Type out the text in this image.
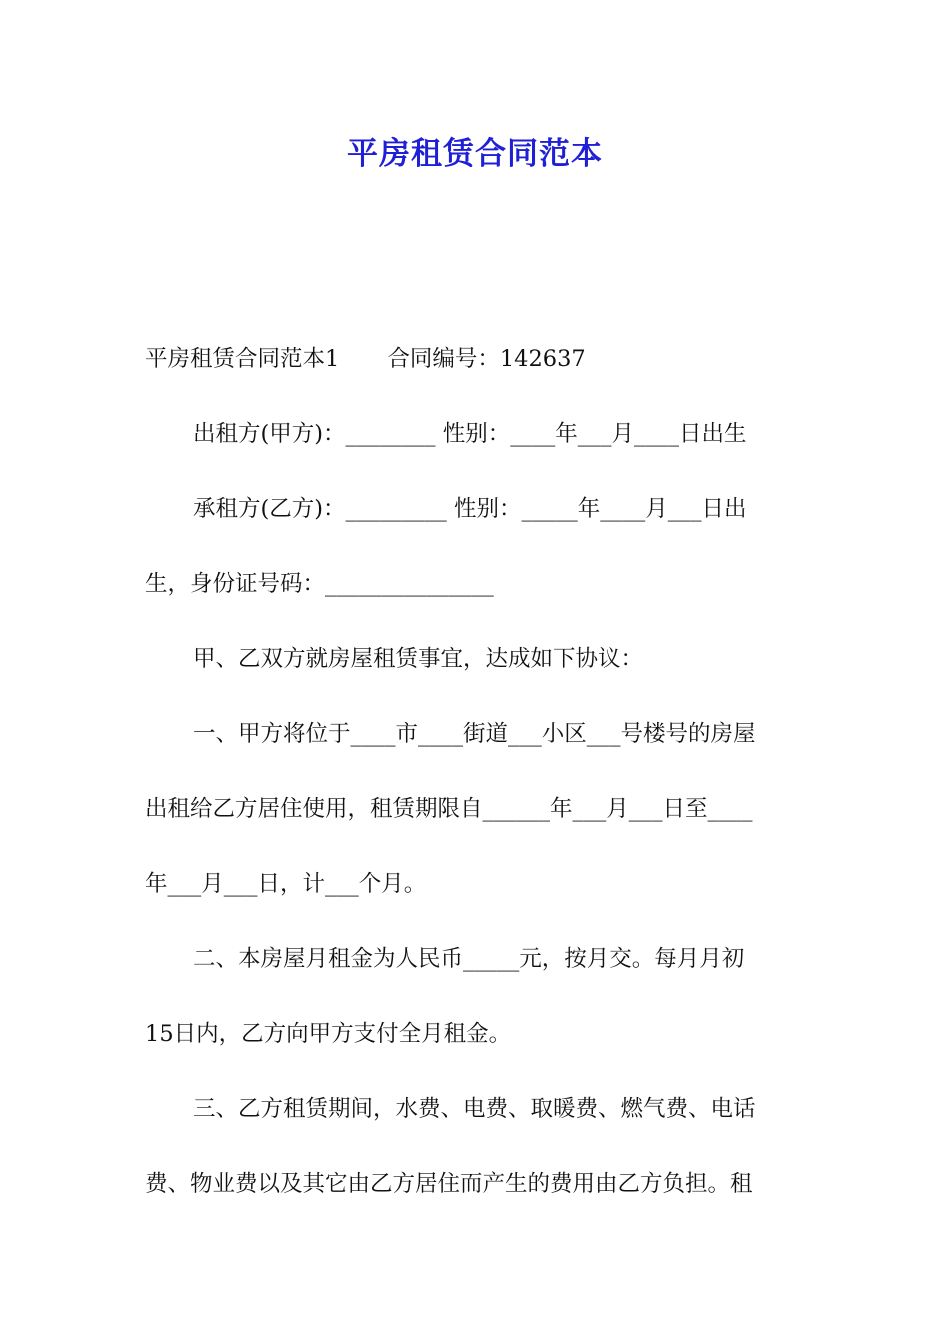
平房租赁合同范本
平房租赁合同范本1 合同编号：142637
出租方(甲方)：________ 性别：____年___月____日出生
承租方(乙方)：_________ 性别：_____年____月___日出
生，身份证号码：_______________
甲、乙双方就房屋租赁事宜，达成如下协议：
一、甲方将位于____市____街道___小区___号楼号的房屋
出租给乙方居住使用，租赁期限自______年___月___日至____
年___月___日，计___个月。
二、本房屋月租金为人民币_____元，按月交。每月月初
15日内，乙方向甲方支付全月租金。
三、乙方租赁期间，水费、电费、取暖费、燃气费、电话
费、物业费以及其它由乙方居住而产生的费用由乙方负担。租
